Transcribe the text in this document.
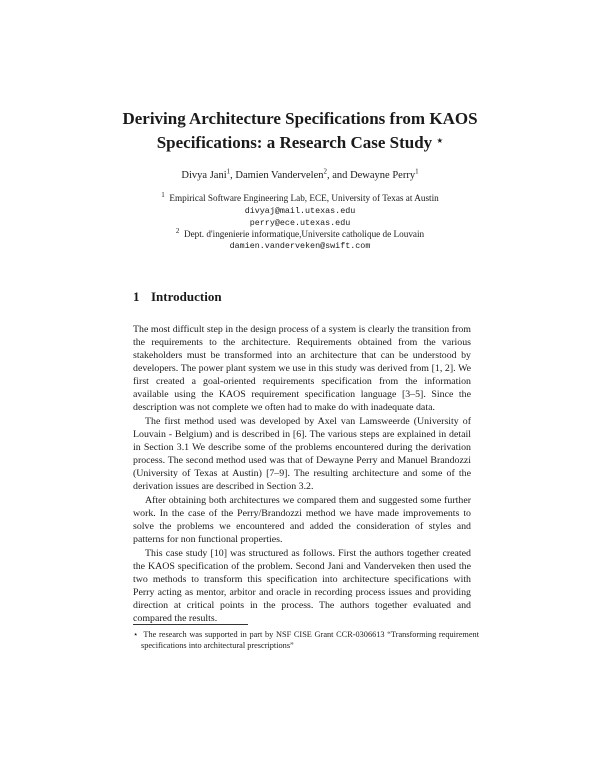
Deriving Architecture Specifications from KAOS
Specifications: a Research Case Study ⋆
Divya Jani$^1$, Damien Vandervelen$^2$, and Dewayne Perry$^1$
$^1$ Empirical Software Engineering Lab, ECE, University of Texas at Austin
divyaj@mail.utexas.edu
perry@ece.utexas.edu
$^2$ Dept. d'ingenierie informatique,Universite catholique de Louvain
damien.vanderveken@swift.com
1 Introduction

The most difficult step in the design process of a system is clearly the transition from the requirements to the architecture. Requirements obtained from the various stakeholders must be transformed into an architecture that can be understood by developers. The power plant system we use in this study was derived from [1, 2]. We first created a goal-oriented requirements specification from the information available using the KAOS requirement specification language [3–5]. Since the description was not complete we often had to make do with inadequate data.

The first method used was developed by Axel van Lamsweerde (University of Louvain - Belgium) and is described in [6]. The various steps are explained in detail in Section 3.1 We describe some of the problems encountered during the derivation process. The second method used was that of Dewayne Perry and Manuel Brandozzi (University of Texas at Austin) [7–9]. The resulting architecture and some of the derivation issues are described in Section 3.2.

After obtaining both architectures we compared them and suggested some further work. In the case of the Perry/Brandozzi method we have made improvements to solve the problems we encountered and added the consideration of styles and patterns for non functional properties.

This case study [10] was structured as follows. First the authors together created the KAOS specification of the problem. Second Jani and Vanderveken then used the two methods to transform this specification into architecture specifications with Perry acting as mentor, arbitor and oracle in recording process issues and providing direction at critical points in the process. The authors together evaluated and compared the results.

⋆ The research was supported in part by NSF CISE Grant CCR-0306613 “Transforming requirement specifications into architectural prescriptions”
